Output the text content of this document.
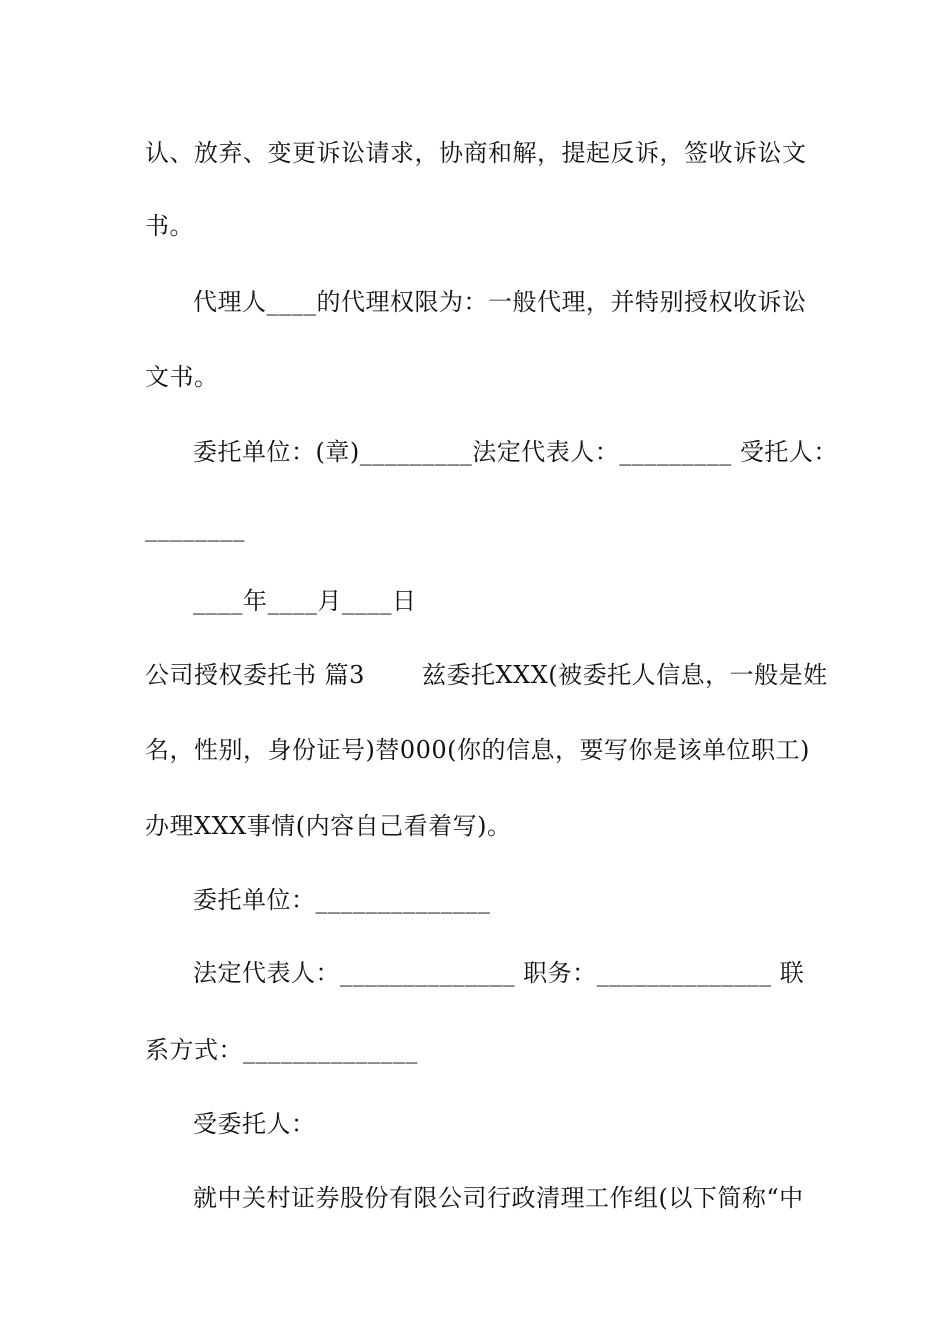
认、放弃、变更诉讼请求，协商和解，提起反诉，签收诉讼文
书。
代理人____的代理权限为：一般代理，并特别授权收诉讼
文书。
委托单位：(章)_________法定代表人：_________ 受托人：
________
____年____月____日
公司授权委托书 篇3 　　兹委托XXX(被委托人信息，一般是姓
名，性别，身份证号)替000(你的信息，要写你是该单位职工)
办理XXX事情(内容自己看着写)。
委托单位：______________
法定代表人：______________ 职务：______________ 联
系方式：______________
受委托人：
就中关村证券股份有限公司行政清理工作组(以下简称“中
